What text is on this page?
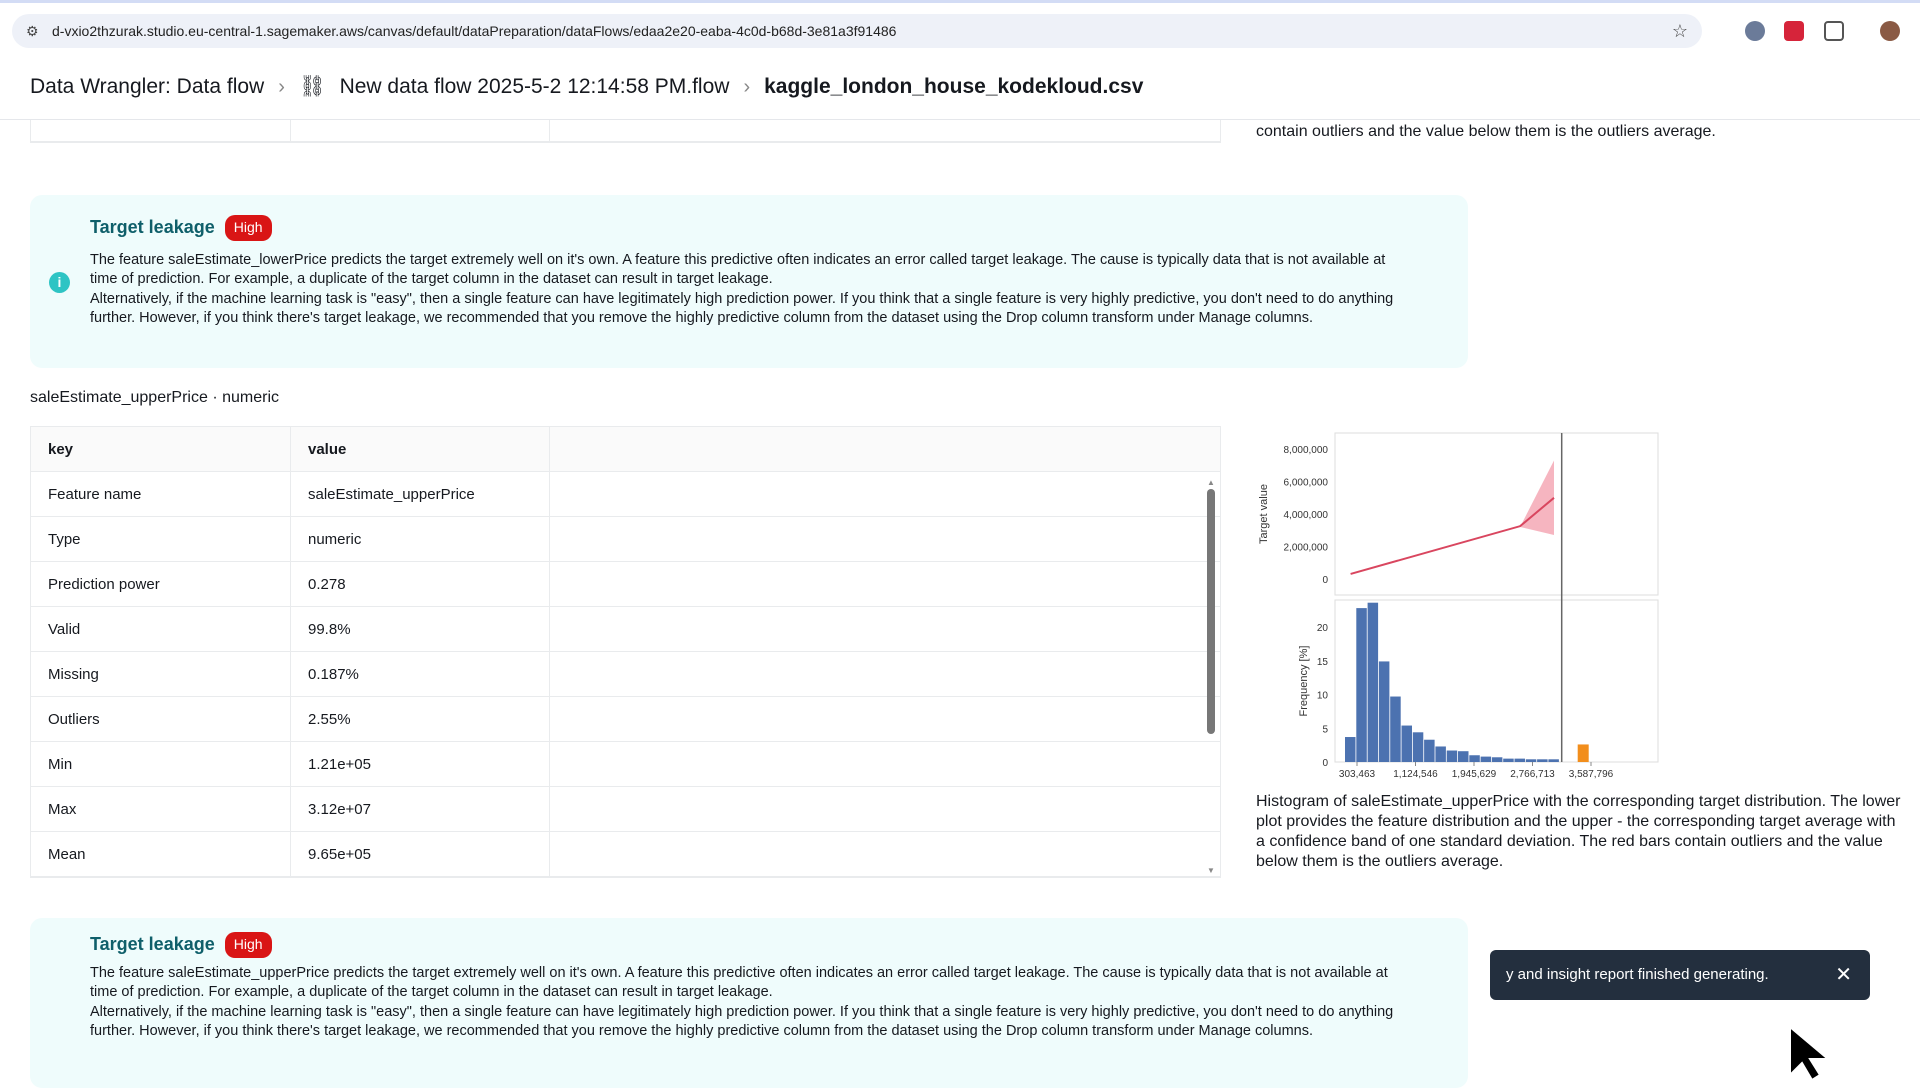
⚙ d-vxio2thzurak.studio.eu-central-1.sagemaker.aws/canvas/default/dataPreparation/dataFlows/edaa2e20-eaba-4c0d-b68d-3e81a3f91486	☆
Data Wrangler: Data flow › ⛓ New data flow 2025-5-2 12:14:58 PM.flow › kaggle_london_house_kodekloud.csv
contain outliers and the value below them is the outliers average.
i
Target leakage	High

The feature saleEstimate_lowerPrice predicts the target extremely well on it's own. A feature this predictive often indicates an error called target leakage. The cause is typically data that is not available at time of prediction. For example, a duplicate of the target column in the dataset can result in target leakage.

Alternatively, if the machine learning task is "easy", then a single feature can have legitimately high prediction power. If you think that a single feature is very highly predictive, you don't need to do anything further. However, if you think there's target leakage, we recommended that you remove the highly predictive column from the dataset using the Drop column transform under Manage columns.

saleEstimate_upperPrice · numeric
key	value
Feature name	saleEstimate_upperPrice
Type	numeric
Prediction power	0.278
Valid	99.8%
Missing	0.187%
Outliers	2.55%
Min	1.21e+05
Max	3.12e+07
Mean	9.65e+05
▲
▼
0
2,000,000
4,000,000
6,000,000
8,000,000
Target value
0
5
10
15
20
Frequency [%]
303,463 1,124,546 1,945,629 2,766,713 3,587,796
Histogram of saleEstimate_upperPrice with the corresponding target distribution. The lower plot provides the feature distribution and the upper - the corresponding target average with a confidence band of one standard deviation. The red bars contain outliers and the value below them is the outliers average.
Target leakage	High

The feature saleEstimate_upperPrice predicts the target extremely well on it's own. A feature this predictive often indicates an error called target leakage. The cause is typically data that is not available at time of prediction. For example, a duplicate of the target column in the dataset can result in target leakage.

Alternatively, if the machine learning task is "easy", then a single feature can have legitimately high prediction power. If you think that a single feature is very highly predictive, you don't need to do anything further. However, if you think there's target leakage, we recommended that you remove the highly predictive column from the dataset using the Drop column transform under Manage columns.

y and insight report finished generating.	✕
